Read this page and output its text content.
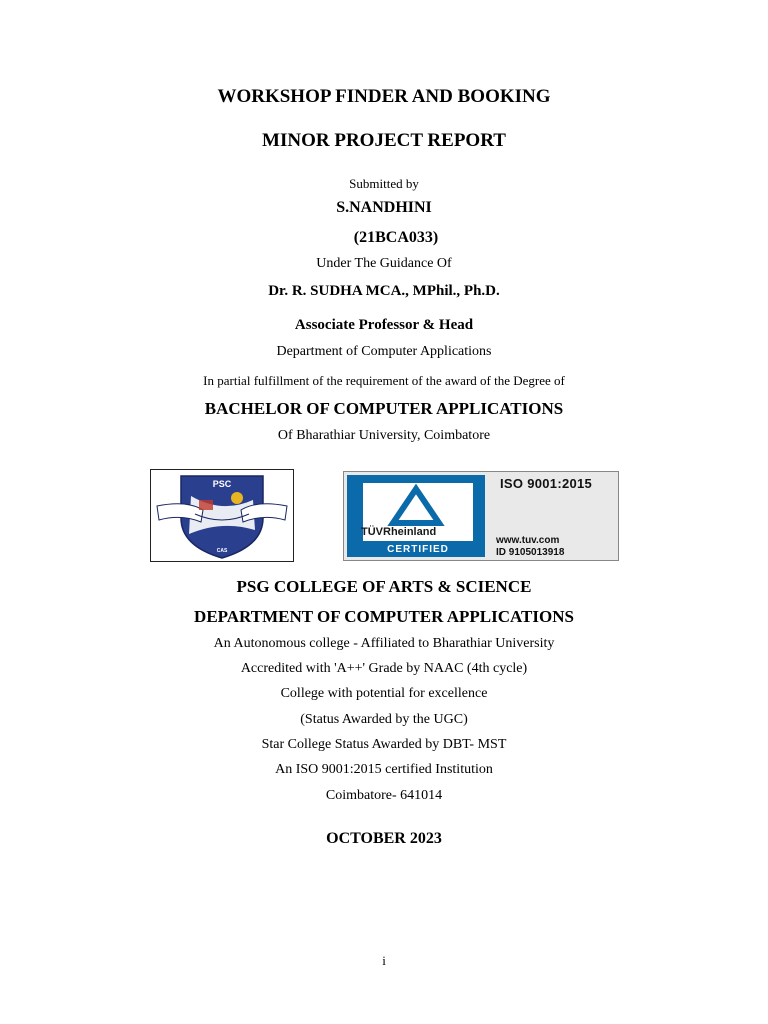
WORKSHOP FINDER AND BOOKING
MINOR PROJECT REPORT
Submitted by
S.NANDHINI
(21BCA033)
Under The Guidance Of
Dr. R. SUDHA MCA., MPhil., Ph.D.
Associate Professor & Head
Department of Computer Applications
In partial fulfillment of the requirement of the award of the Degree of
BACHELOR OF COMPUTER APPLICATIONS
Of Bharathiar University, Coimbatore
PSC
CAS
TÜVRheinland
CERTIFIED
ISO 9001:2015
www.tuv.com
ID 9105013918
PSG COLLEGE OF ARTS & SCIENCE
DEPARTMENT OF COMPUTER APPLICATIONS
An Autonomous college - Affiliated to Bharathiar University
Accredited with 'A++' Grade by NAAC (4th cycle)
College with potential for excellence
(Status Awarded by the UGC)
Star College Status Awarded by DBT- MST
An ISO 9001:2015 certified Institution
Coimbatore- 641014
OCTOBER 2023
i
